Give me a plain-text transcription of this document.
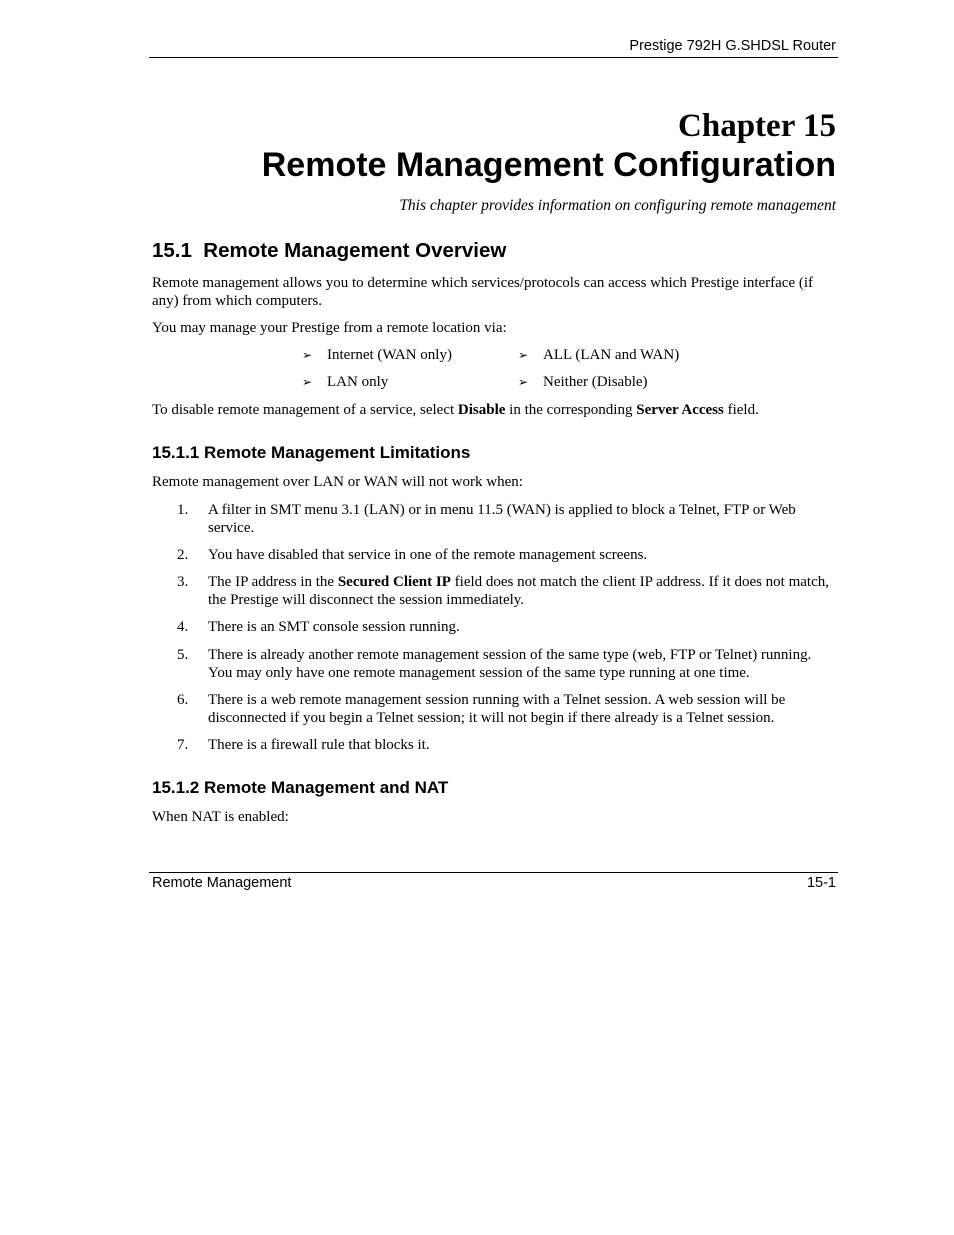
Prestige 792H G.SHDSL Router
Chapter 15
Remote Management Configuration
This chapter provides information on configuring remote management
15.1  Remote Management Overview
Remote management allows you to determine which services/protocols can access which Prestige interface (if any) from which computers.
You may manage your Prestige from a remote location via:
➢ Internet (WAN only)	➢ ALL (LAN and WAN)
➢ LAN only	➢ Neither (Disable)
To disable remote management of a service, select Disable in the corresponding Server Access field.
15.1.1 Remote Management Limitations
Remote management over LAN or WAN will not work when:
1.	A filter in SMT menu 3.1 (LAN) or in menu 11.5 (WAN) is applied to block a Telnet, FTP or Web service.
2.	You have disabled that service in one of the remote management screens.
3.	The IP address in the Secured Client IP field does not match the client IP address. If it does not match, the Prestige will disconnect the session immediately.
4.	There is an SMT console session running.
5.	There is already another remote management session of the same type (web, FTP or Telnet) running. You may only have one remote management session of the same type running at one time.
6.	There is a web remote management session running with a Telnet session. A web session will be disconnected if you begin a Telnet session; it will not begin if there already is a Telnet session.
7.	There is a firewall rule that blocks it.
15.1.2 Remote Management and NAT
When NAT is enabled:
Remote Management	15-1
